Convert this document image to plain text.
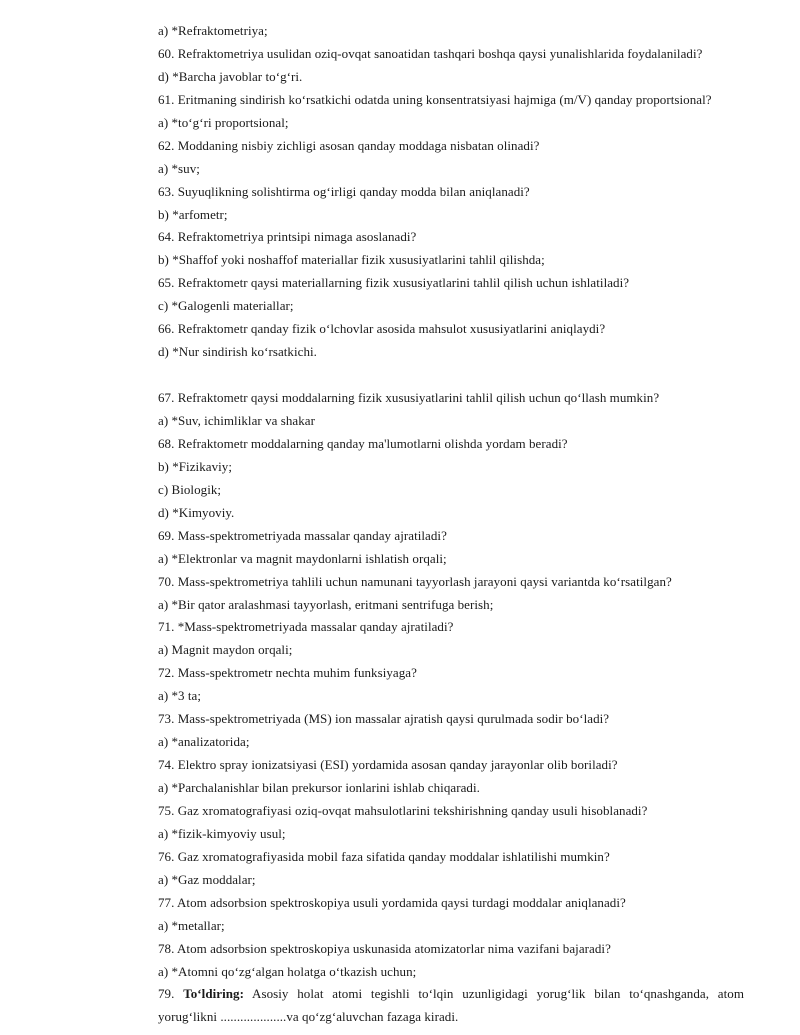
a) *Refraktometriya;
60. Refraktometriya usulidan oziq-ovqat sanoatidan tashqari boshqa qaysi yunalishlarida foydalaniladi?
d) *Barcha javoblar to‘g‘ri.
61. Eritmaning sindirish ko‘rsatkichi odatda uning konsentratsiyasi hajmiga (m/V) qanday proportsional?
a) *to‘g‘ri proportsional;
62. Moddaning nisbiy zichligi asosan qanday moddaga nisbatan olinadi?
a) *suv;
63. Suyuqlikning solishtirma og‘irligi qanday modda bilan aniqlanadi?
b) *arfometr;
64. Refraktometriya printsipi nimaga asoslanadi?
b) *Shaffof yoki noshaffof materiallar fizik xususiyatlarini tahlil qilishda;
65. Refraktometr qaysi materiallarning fizik xususiyatlarini tahlil qilish uchun ishlatiladi?
c) *Galogenli materiallar;
66. Refraktometr qanday fizik o‘lchovlar asosida mahsulot xususiyatlarini aniqlaydi?
d) *Nur sindirish ko‘rsatkichi.
67. Refraktometr qaysi moddalarning fizik xususiyatlarini tahlil qilish uchun qo‘llash mumkin?
a) *Suv, ichimliklar va shakar
68. Refraktometr moddalarning qanday ma'lumotlarni olishda yordam beradi?
b) *Fizikaviy;
c) Biologik;
d) *Kimyoviy.
69. Mass-spektrometriyada massalar qanday ajratiladi?
a) *Elektronlar va magnit maydonlarni ishlatish orqali;
70. Mass-spektrometriya tahlili uchun namunani tayyorlash jarayoni qaysi variantda ko‘rsatilgan?
a) *Bir qator aralashmasi tayyorlash, eritmani sentrifuga berish;
71. *Mass-spektrometriyada massalar qanday ajratiladi?
a) Magnit maydon orqali;
72. Mass-spektrometr nechta muhim funksiyaga?
a) *3 ta;
73. Mass-spektrometriyada (MS) ion massalar ajratish qaysi qurulmada sodir bo‘ladi?
a) *analizatorida;
74. Elektro spray ionizatsiyasi (ESI) yordamida asosan qanday jarayonlar olib boriladi?
a) *Parchalanishlar bilan prekursor ionlarini ishlab chiqaradi.
75. Gaz xromatografiyasi oziq-ovqat mahsulotlarini tekshirishning qanday usuli hisoblanadi?
a) *fizik-kimyoviy usul;
76. Gaz xromatografiyasida mobil faza sifatida qanday moddalar ishlatilishi mumkin?
a) *Gaz moddalar;
77. Atom adsorbsion spektroskopiya usuli yordamida qaysi turdagi moddalar aniqlanadi?
a) *metallar;
78. Atom adsorbsion spektroskopiya uskunasida atomizatorlar nima vazifani bajaradi?
a) *Atomni qo‘zg‘algan holatga o‘tkazish uchun;
79. To‘ldiring: Asosiy holat atomi tegishli to‘lqin uzunligidagi yorug‘lik bilan to‘qnashganda, atom
yorug‘likni ....................va qo‘zg‘aluvchan fazaga kiradi.
